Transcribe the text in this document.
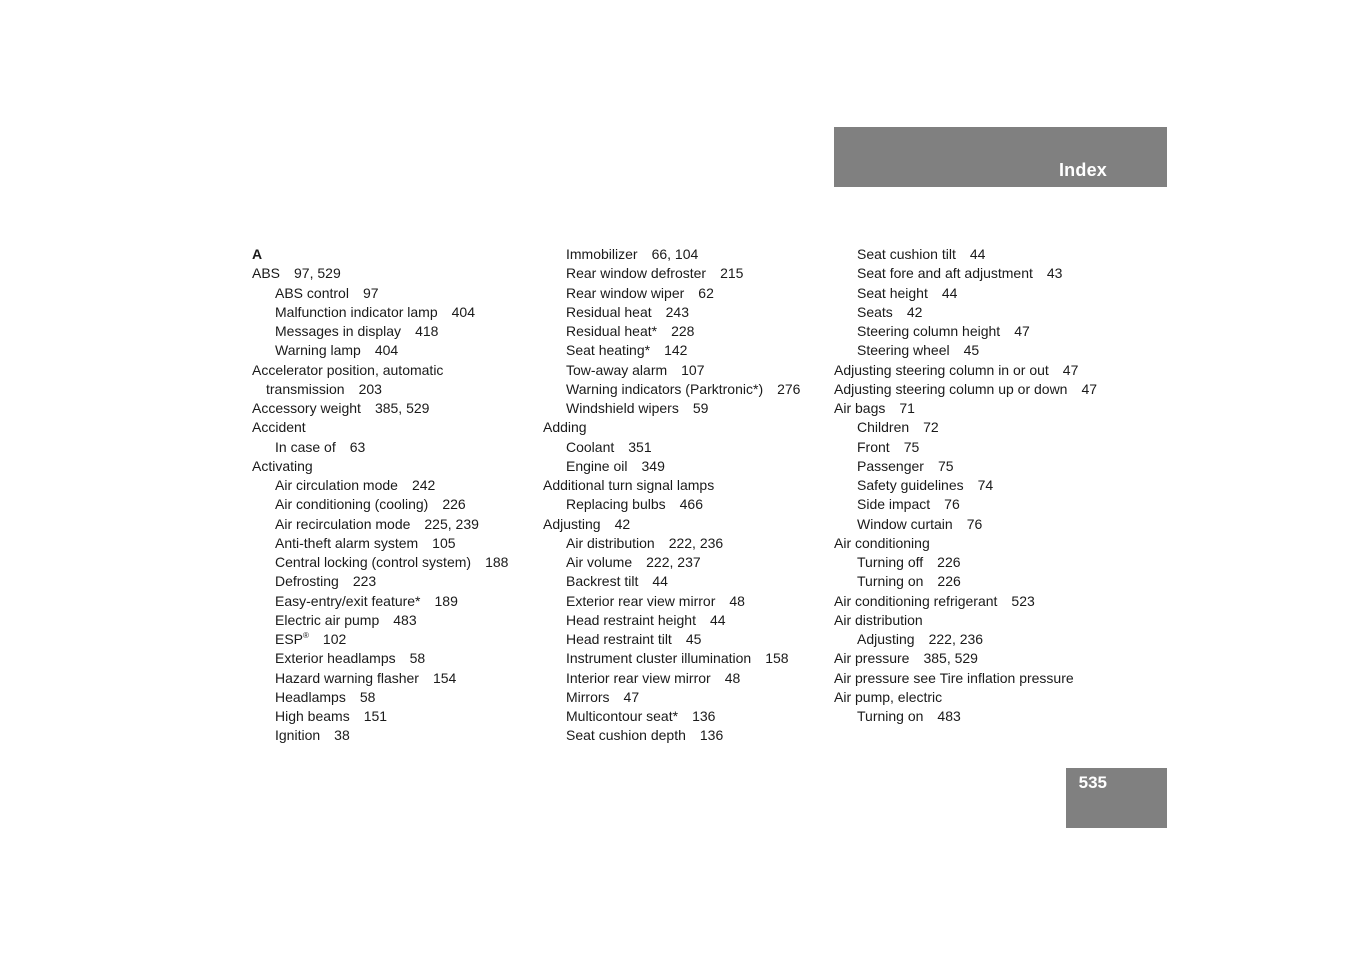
Index
A
ABS 97, 529
ABS control 97
Malfunction indicator lamp 404
Messages in display 418
Warning lamp 404
Accelerator position, automatic
transmission 203
Accessory weight 385, 529
Accident
In case of 63
Activating
Air circulation mode 242
Air conditioning (cooling) 226
Air recirculation mode 225, 239
Anti-theft alarm system 105
Central locking (control system) 188
Defrosting 223
Easy-entry/exit feature* 189
Electric air pump 483
ESP® 102
Exterior headlamps 58
Hazard warning flasher 154
Headlamps 58
High beams 151
Ignition 38
Immobilizer 66, 104
Rear window defroster 215
Rear window wiper 62
Residual heat 243
Residual heat* 228
Seat heating* 142
Tow-away alarm 107
Warning indicators (Parktronic*) 276
Windshield wipers 59
Adding
Coolant 351
Engine oil 349
Additional turn signal lamps
Replacing bulbs 466
Adjusting 42
Air distribution 222, 236
Air volume 222, 237
Backrest tilt 44
Exterior rear view mirror 48
Head restraint height 44
Head restraint tilt 45
Instrument cluster illumination 158
Interior rear view mirror 48
Mirrors 47
Multicontour seat* 136
Seat cushion depth 136
Seat cushion tilt 44
Seat fore and aft adjustment 43
Seat height 44
Seats 42
Steering column height 47
Steering wheel 45
Adjusting steering column in or out 47
Adjusting steering column up or down 47
Air bags 71
Children 72
Front 75
Passenger 75
Safety guidelines 74
Side impact 76
Window curtain 76
Air conditioning
Turning off 226
Turning on 226
Air conditioning refrigerant 523
Air distribution
Adjusting 222, 236
Air pressure 385, 529
Air pressure see Tire inflation pressure
Air pump, electric
Turning on 483
535
